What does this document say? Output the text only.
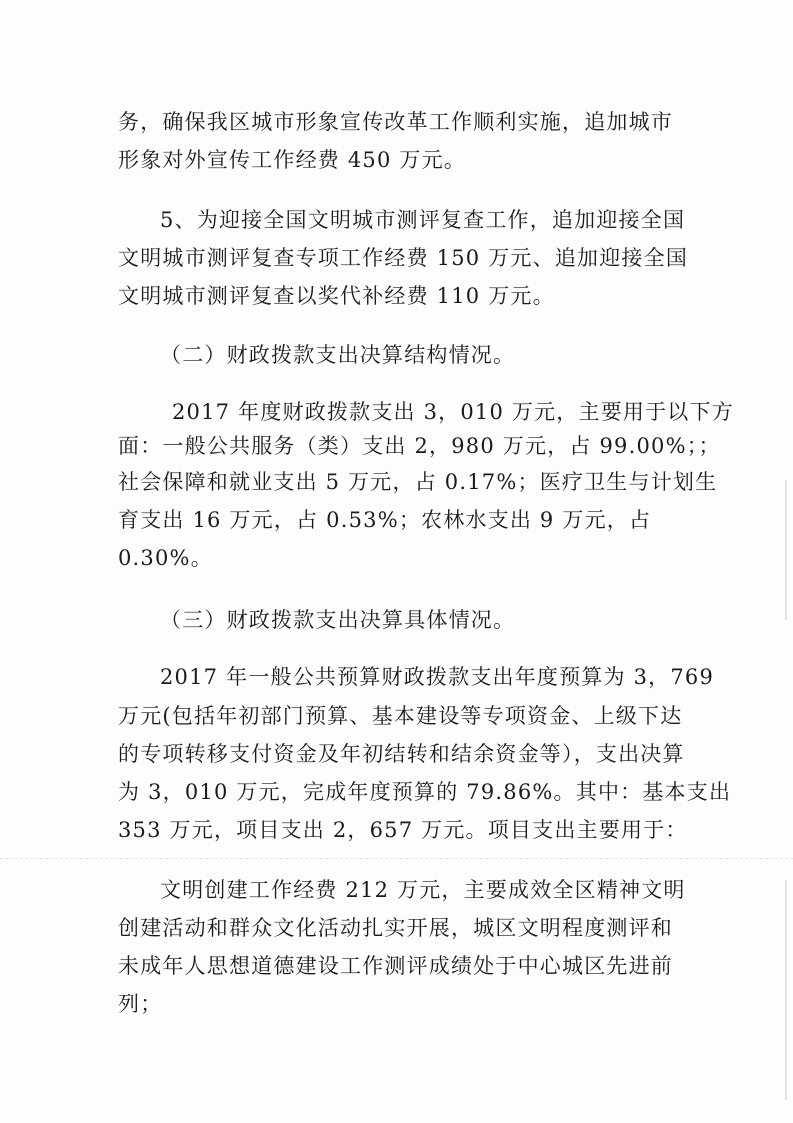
务，确保我区城市形象宣传改革工作顺利实施，追加城市
形象对外宣传工作经费 450 万元。
5、为迎接全国文明城市测评复查工作，追加迎接全国
文明城市测评复查专项工作经费 150 万元、追加迎接全国
文明城市测评复查以奖代补经费 110 万元。
（二）财政拨款支出决算结构情况。
2017 年度财政拨款支出 3，010 万元，主要用于以下方
面：一般公共服务（类）支出 2，980 万元，占 99.00%；；
社会保障和就业支出 5 万元，占 0.17%；医疗卫生与计划生
育支出 16 万元，占 0.53%；农林水支出 9 万元，占
0.30%。
（三）财政拨款支出决算具体情况。
2017 年一般公共预算财政拨款支出年度预算为 3，769
万元(包括年初部门预算、基本建设等专项资金、上级下达
的专项转移支付资金及年初结转和结余资金等），支出决算
为 3，010 万元，完成年度预算的 79.86%。其中：基本支出
353 万元，项目支出 2，657 万元。项目支出主要用于：
文明创建工作经费 212 万元，主要成效全区精神文明
创建活动和群众文化活动扎实开展，城区文明程度测评和
未成年人思想道德建设工作测评成绩处于中心城区先进前
列；
